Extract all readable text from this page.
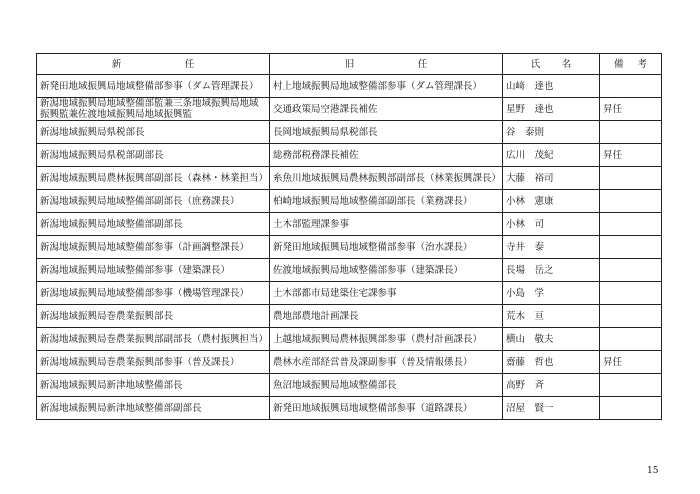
新 任	旧 任	氏 名	備 考

新発田地域振興局地域整備部参事（ダム管理課長）	村上地域振興局地域整備部参事（ダム管理課長）	山﨑　達也	
新潟地域振興局地域整備部監兼三条地域振興局地域振興監兼佐渡地域振興局地域振興監	交通政策局空港課長補佐	星野　達也	昇任
新潟地域振興局県税部長	長岡地域振興局県税部長	谷　泰則	
新潟地域振興局県税部副部長	総務部税務課長補佐	広川　茂紀	昇任
新潟地域振興局農林振興部副部長（森林・林業担当）	糸魚川地域振興局農林振興部副部長（林業振興課長）	大藤　裕司	
新潟地域振興局地域整備部副部長（庶務課長）	柏崎地域振興局地域整備部副部長（業務課長）	小林　憲康	
新潟地域振興局地域整備部副部長	土木部監理課参事	小林　司	
新潟地域振興局地域整備部参事（計画調整課長）	新発田地域振興局地域整備部参事（治水課長）	寺井　泰	
新潟地域振興局地域整備部参事（建築課長）	佐渡地域振興局地域整備部参事（建築課長）	長場　岳之	
新潟地域振興局地域整備部参事（機場管理課長）	土木部都市局建築住宅課参事	小島　学	
新潟地域振興局巻農業振興部長	農地部農地計画課長	荒木　亘	
新潟地域振興局巻農業振興部副部長（農村振興担当）	上越地域振興局農林振興部参事（農村計画課長）	横山　敬夫	
新潟地域振興局巻農業振興部参事（普及課長）	農林水産部経営普及課副参事（普及情報係長）	齋藤　哲也	昇任
新潟地域振興局新津地域整備部長	魚沼地域振興局地域整備部長	高野　斉	
新潟地域振興局新津地域整備部副部長	新発田地域振興局地域整備部参事（道路課長）	沼屋　賢一	
15
